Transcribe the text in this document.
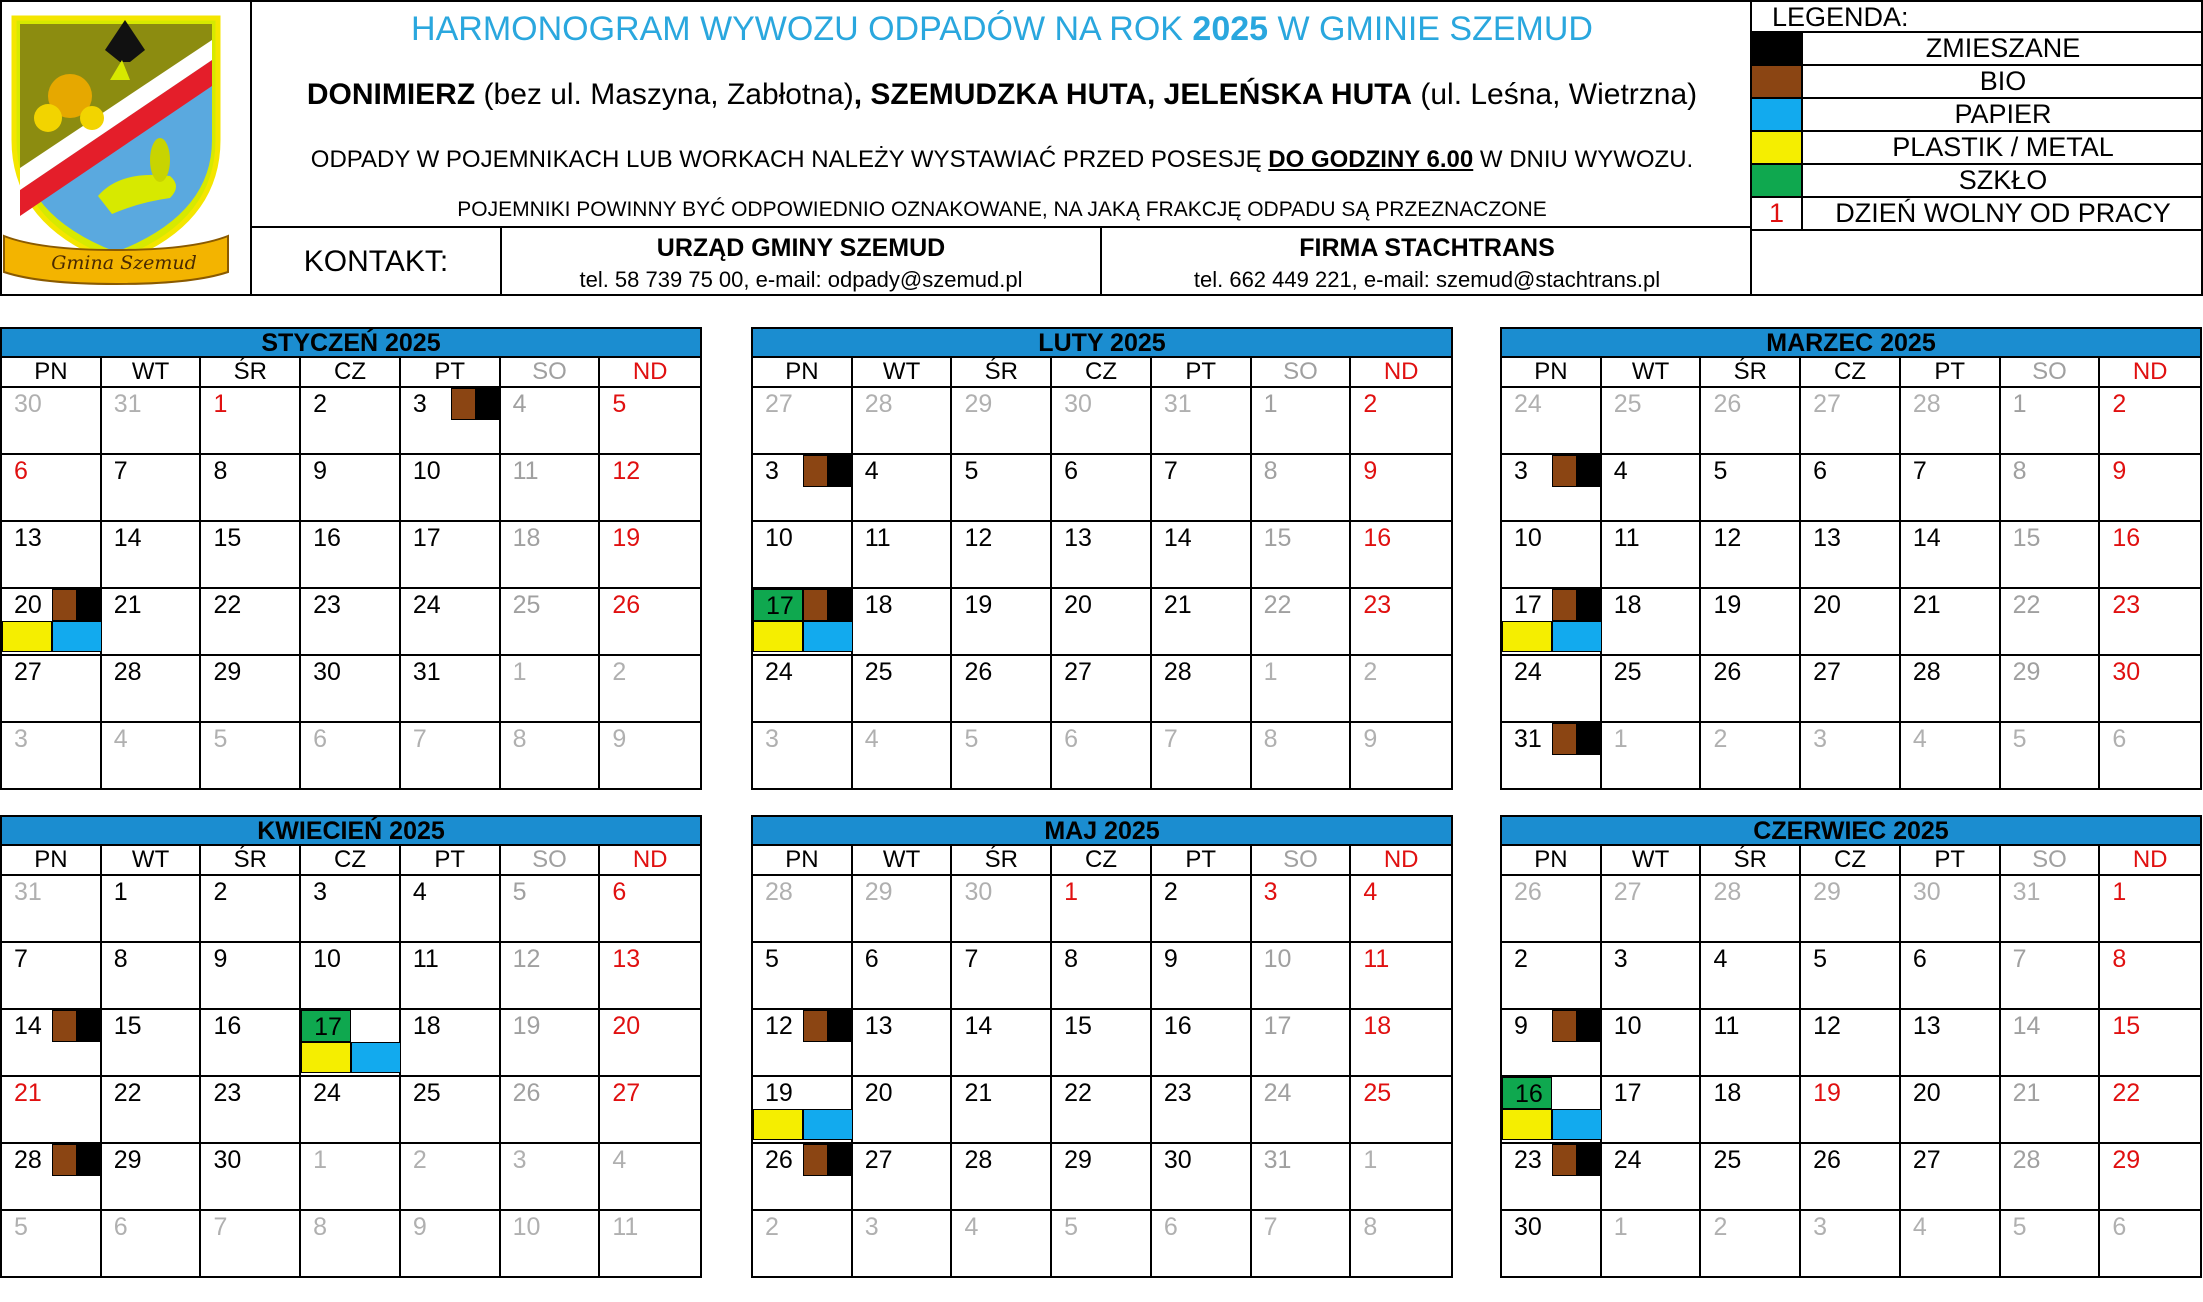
Gmina Szemud
HARMONOGRAM WYWOZU ODPADÓW NA ROK 2025 W GMINIE SZEMUD
DONIMIERZ (bez ul. Maszyna, Zabłotna), SZEMUDZKA HUTA, JELEŃSKA HUTA (ul. Leśna, Wietrzna)
ODPADY W POJEMNIKACH LUB WORKACH NALEŻY WYSTAWIAĆ PRZED POSESJĘ DO GODZINY 6.00 W DNIU WYWOZU.
POJEMNIKI POWINNY BYĆ ODPOWIEDNIO OZNAKOWANE, NA JAKĄ FRAKCJĘ ODPADU SĄ PRZEZNACZONE
KONTAKT:	URZĄD GMINY SZEMUD
tel. 58 739 75 00, e-mail: odpady@szemud.pl
FIRMA STACHTRANS
tel. 662 449 221, e-mail: szemud@stachtrans.pl
LEGENDA:
ZMIESZANE
BIO
PAPIER
PLASTIK / METAL
SZKŁO
1	DZIEŃ WOLNY OD PRACY
STYCZEŃ 2025
PN	WT	ŚR	CZ	PT	SO	ND
30	31	1	2	3	4	5
6	7	8	9	10	11	12
13	14	15	16	17	18	19
20	21	22	23	24	25	26
27	28	29	30	31	1	2
3	4	5	6	7	8	9
LUTY 2025
PN	WT	ŚR	CZ	PT	SO	ND
27	28	29	30	31	1	2
3	4	5	6	7	8	9
10	11	12	13	14	15	16
17	18	19	20	21	22	23
24	25	26	27	28	1	2
3	4	5	6	7	8	9
MARZEC 2025
PN	WT	ŚR	CZ	PT	SO	ND
24	25	26	27	28	1	2
3	4	5	6	7	8	9
10	11	12	13	14	15	16
17	18	19	20	21	22	23
24	25	26	27	28	29	30
31	1	2	3	4	5	6
KWIECIEŃ 2025
PN	WT	ŚR	CZ	PT	SO	ND
31	1	2	3	4	5	6
7	8	9	10	11	12	13
14	15	16	17	18	19	20
21	22	23	24	25	26	27
28	29	30	1	2	3	4
5	6	7	8	9	10	11
MAJ 2025
PN	WT	ŚR	CZ	PT	SO	ND
28	29	30	1	2	3	4
5	6	7	8	9	10	11
12	13	14	15	16	17	18
19	20	21	22	23	24	25
26	27	28	29	30	31	1
2	3	4	5	6	7	8
CZERWIEC 2025
PN	WT	ŚR	CZ	PT	SO	ND
26	27	28	29	30	31	1
2	3	4	5	6	7	8
9	10	11	12	13	14	15
16	17	18	19	20	21	22
23	24	25	26	27	28	29
30	1	2	3	4	5	6
